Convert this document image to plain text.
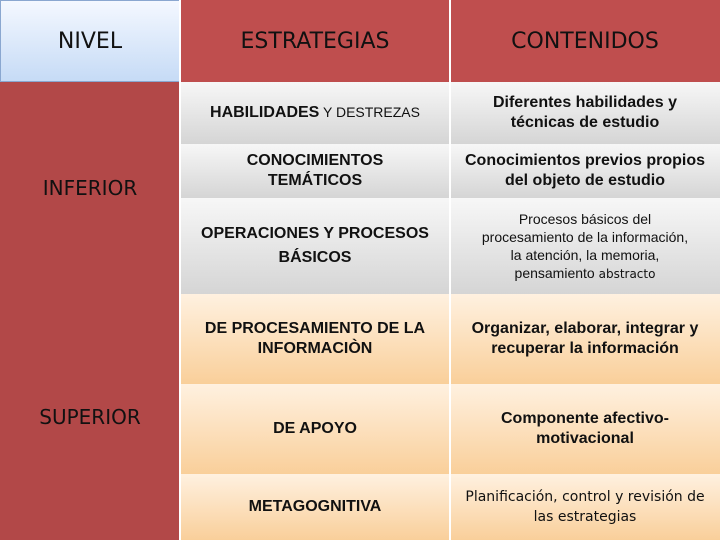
NIVEL	ESTRATEGIAS	CONTENIDOS
INFERIOR
SUPERIOR
HABILIDADES Y DESTREZAS
Diferentes habilidades y técnicas de estudio
CONOCIMIENTOS TEMÁTICOS
Conocimientos previos propios del objeto de estudio
OPERACIONES Y PROCESOS
BÁSICOS
Procesos básicos del
procesamiento de la información,
la atención, la memoria,
pensamiento abstracto
DE PROCESAMIENTO DE LA INFORMACIÒN
Organizar, elaborar, integrar y recuperar la información
DE APOYO
Componente afectivo-motivacional
METAGOGNITIVA
Planificación, control y revisión de las estrategias
